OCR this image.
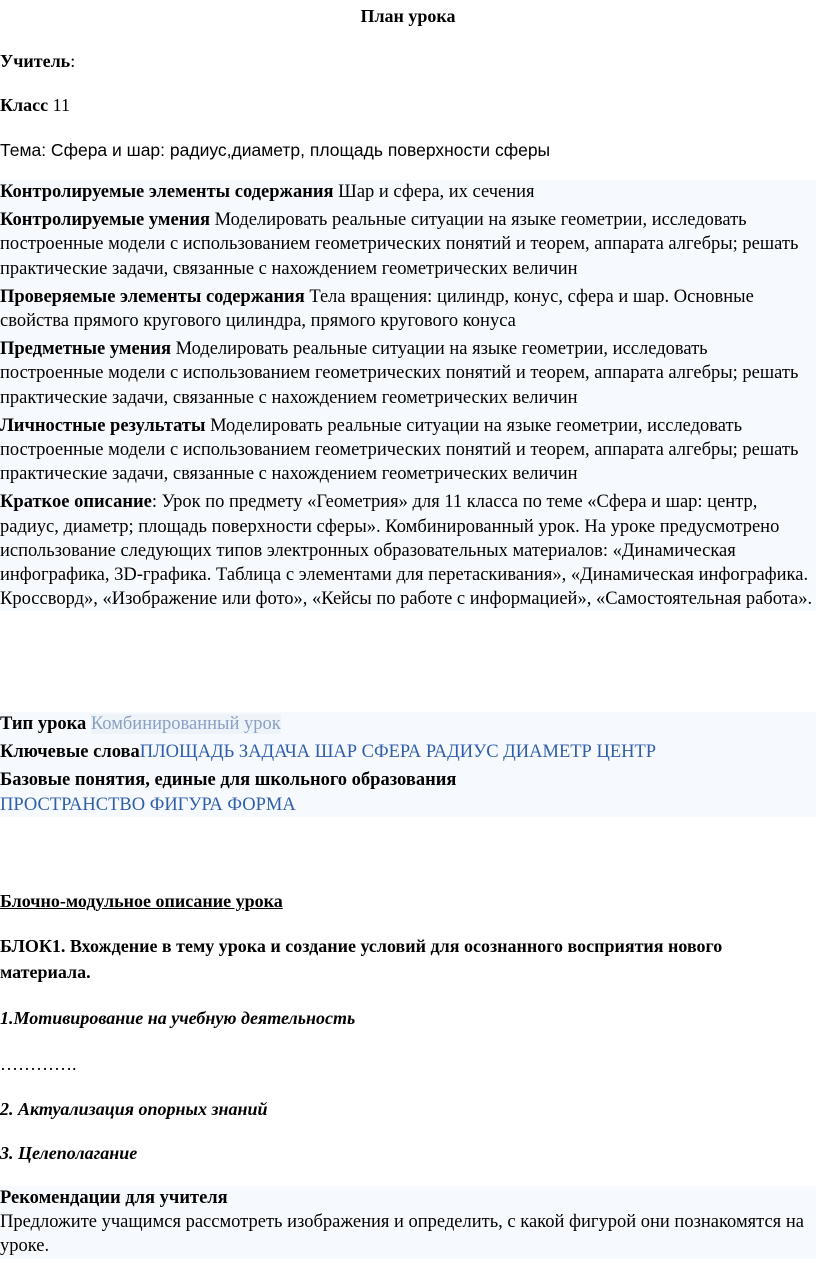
План урока
Учитель:
Класс 11
Тема: Сфера и шар: радиус,диаметр, площадь поверхности сферы

Контролируемые элементы содержания Шар и сфера, их сечения

Контролируемые умения Моделировать реальные ситуации на языке геометрии, исследовать построенные модели с использованием геометрических понятий и теорем, аппарата алгебры; решать практические задачи, связанные с нахождением геометрических величин

Проверяемые элементы содержания Тела вращения: цилиндр, конус, сфера и шар. Основные свойства прямого кругового цилиндра, прямого кругового конуса

Предметные умения Моделировать реальные ситуации на языке геометрии, исследовать построенные модели с использованием геометрических понятий и теорем, аппарата алгебры; решать практические задачи, связанные с нахождением геометрических величин

Личностные результаты Моделировать реальные ситуации на языке геометрии, исследовать построенные модели с использованием геометрических понятий и теорем, аппарата алгебры; решать практические задачи, связанные с нахождением геометрических величин

Краткое описание: Урок по предмету «Геометрия» для 11 класса по теме «Сфера и шар: центр, радиус, диаметр; площадь поверхности сферы». Комбинированный урок. На уроке предусмотрено использование следующих типов электронных образовательных материалов: «Динамическая инфографика, 3D-графика. Таблица с элементами для перетаскивания», «Динамическая инфографика. Кроссворд», «Изображение или фото», «Кейсы по работе с информацией», «Самостоятельная работа».

Тип урока Комбинированный урок

Ключевые словаПЛОЩАДЬ ЗАДАЧА ШАР СФЕРА РАДИУС ДИАМЕТР ЦЕНТР

Базовые понятия, единые для школьного образования

ПРОСТРАНСТВО ФИГУРА ФОРМА

Блочно-модульное описание урока
БЛОК1. Вхождение в тему урока и создание условий для осознанного восприятия нового материала.
1.Мотивирование на учебную деятельность
………….
2. Актуализация опорных знаний
3. Целеполагание

Рекомендации для учителя

Предложите учащимся рассмотреть изображения и определить, с какой фигурой они познакомятся на уроке.
